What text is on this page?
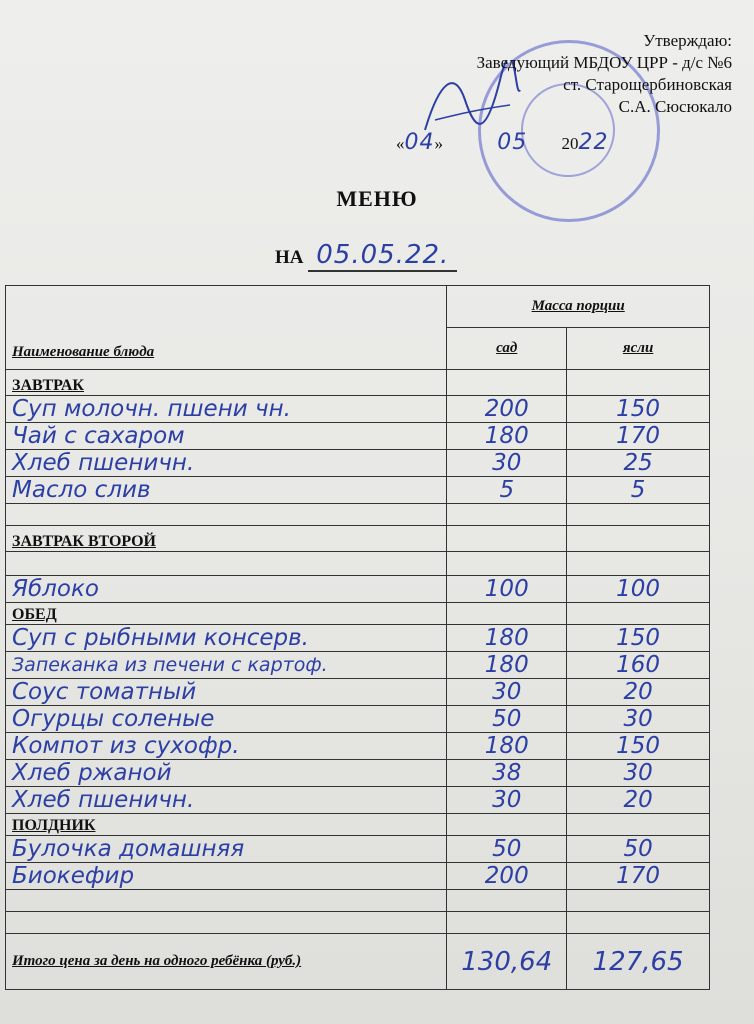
Утверждаю:
Заведующий МБДОУ ЦРР - д/с №6
ст. Старощербиновская
С.А. Сюсюкало
«04» 05 2022
МЕНЮ
НА 05.05.22.
Наименование блюда	Масса порции	
	сад	ясли
ЗАВТРАК		
Суп молочн. пшени чн.	200	150
Чай с сахаром	180	170
Хлеб пшеничн.	30	25
Масло слив	5	5

ЗАВТРАК ВТОРОЙ		

Яблоко	100	100
ОБЕД		
Суп с рыбными консерв.	180	150
Запеканка из печени с картоф.	180	160
Соус томатный	30	20
Огурцы соленые	50	30
Компот из сухофр.	180	150
Хлеб ржаной	38	30
Хлеб пшеничн.	30	20
ПОЛДНИК		
Булочка домашняя	50	50
Биокефир	200	170

Итого цена за день на одного ребёнка (руб.)	130,64	127,65
